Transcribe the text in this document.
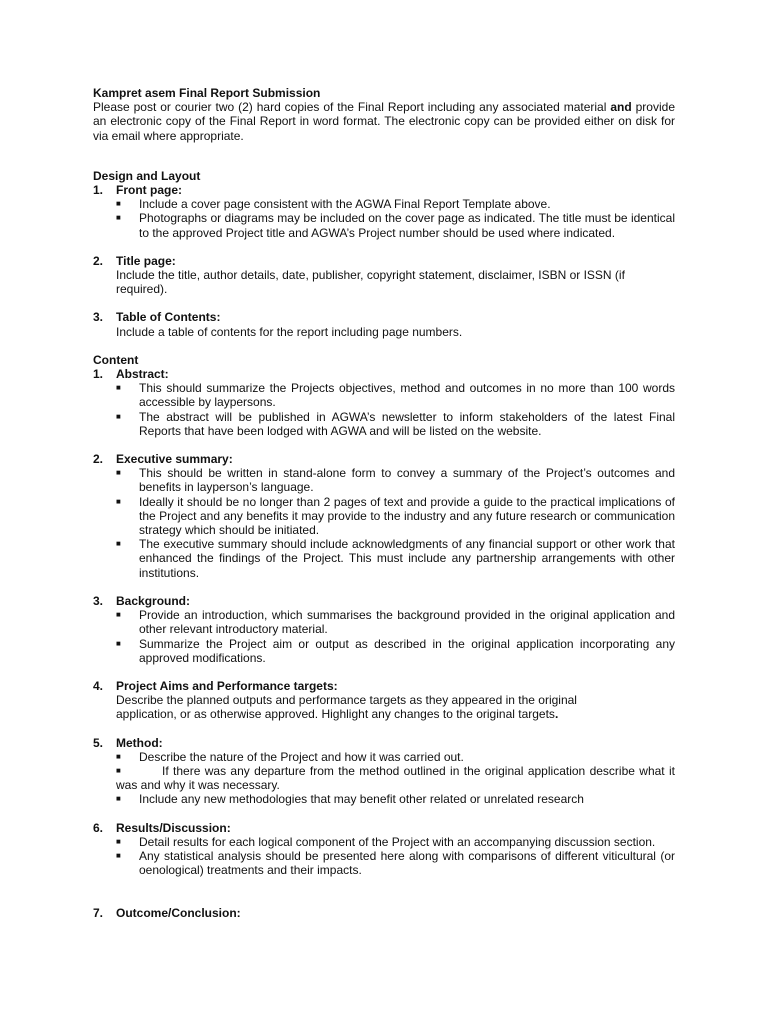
Kampret asem Final Report Submission

Please post or courier two (2) hard copies of the Final Report including any associated material and provide an electronic copy of the Final Report in word format. The electronic copy can be provided either on disk for via email where appropriate.

Design and Layout

1.	Front page:
■	Include a cover page consistent with the AGWA Final Report Template above.
■	Photographs or diagrams may be included on the cover page as indicated. The title must be identical to the approved Project title and AGWA’s Project number should be used where indicated.
2.	Title page:

Include the title, author details, date, publisher, copyright statement, disclaimer, ISBN or ISSN (if required).

3.	Table of Contents:

Include a table of contents for the report including page numbers.

Content

1.	Abstract:
■	This should summarize the Projects objectives, method and outcomes in no more than 100 words accessible by laypersons.
■	The abstract will be published in AGWA’s newsletter to inform stakeholders of the latest Final Reports that have been lodged with AGWA and will be listed on the website.
2.	Executive summary:
■	This should be written in stand-alone form to convey a summary of the Project’s outcomes and benefits in layperson’s language.
■	Ideally it should be no longer than 2 pages of text and provide a guide to the practical implications of the Project and any benefits it may provide to the industry and any future research or communication strategy which should be initiated.
■	The executive summary should include acknowledgments of any financial support or other work that enhanced the findings of the Project. This must include any partnership arrangements with other institutions.
3.	Background:
■	Provide an introduction, which summarises the background provided in the original application and other relevant introductory material.
■	Summarize the Project aim or output as described in the original application incorporating any approved modifications.
4.	Project Aims and Performance targets:

Describe the planned outputs and performance targets as they appeared in the original
application, or as otherwise approved. Highlight any changes to the original targets.

5.	Method:
■ Describe the nature of the Project and how it was carried out.
■	If there was any departure from the method outlined in the original application describe what it was and why it was necessary.
■ Include any new methodologies that may benefit other related or unrelated research
6.	Results/Discussion:
■	Detail results for each logical component of the Project with an accompanying discussion section.
■	Any statistical analysis should be presented here along with comparisons of different viticultural (or oenological) treatments and their impacts.
7.	Outcome/Conclusion:
